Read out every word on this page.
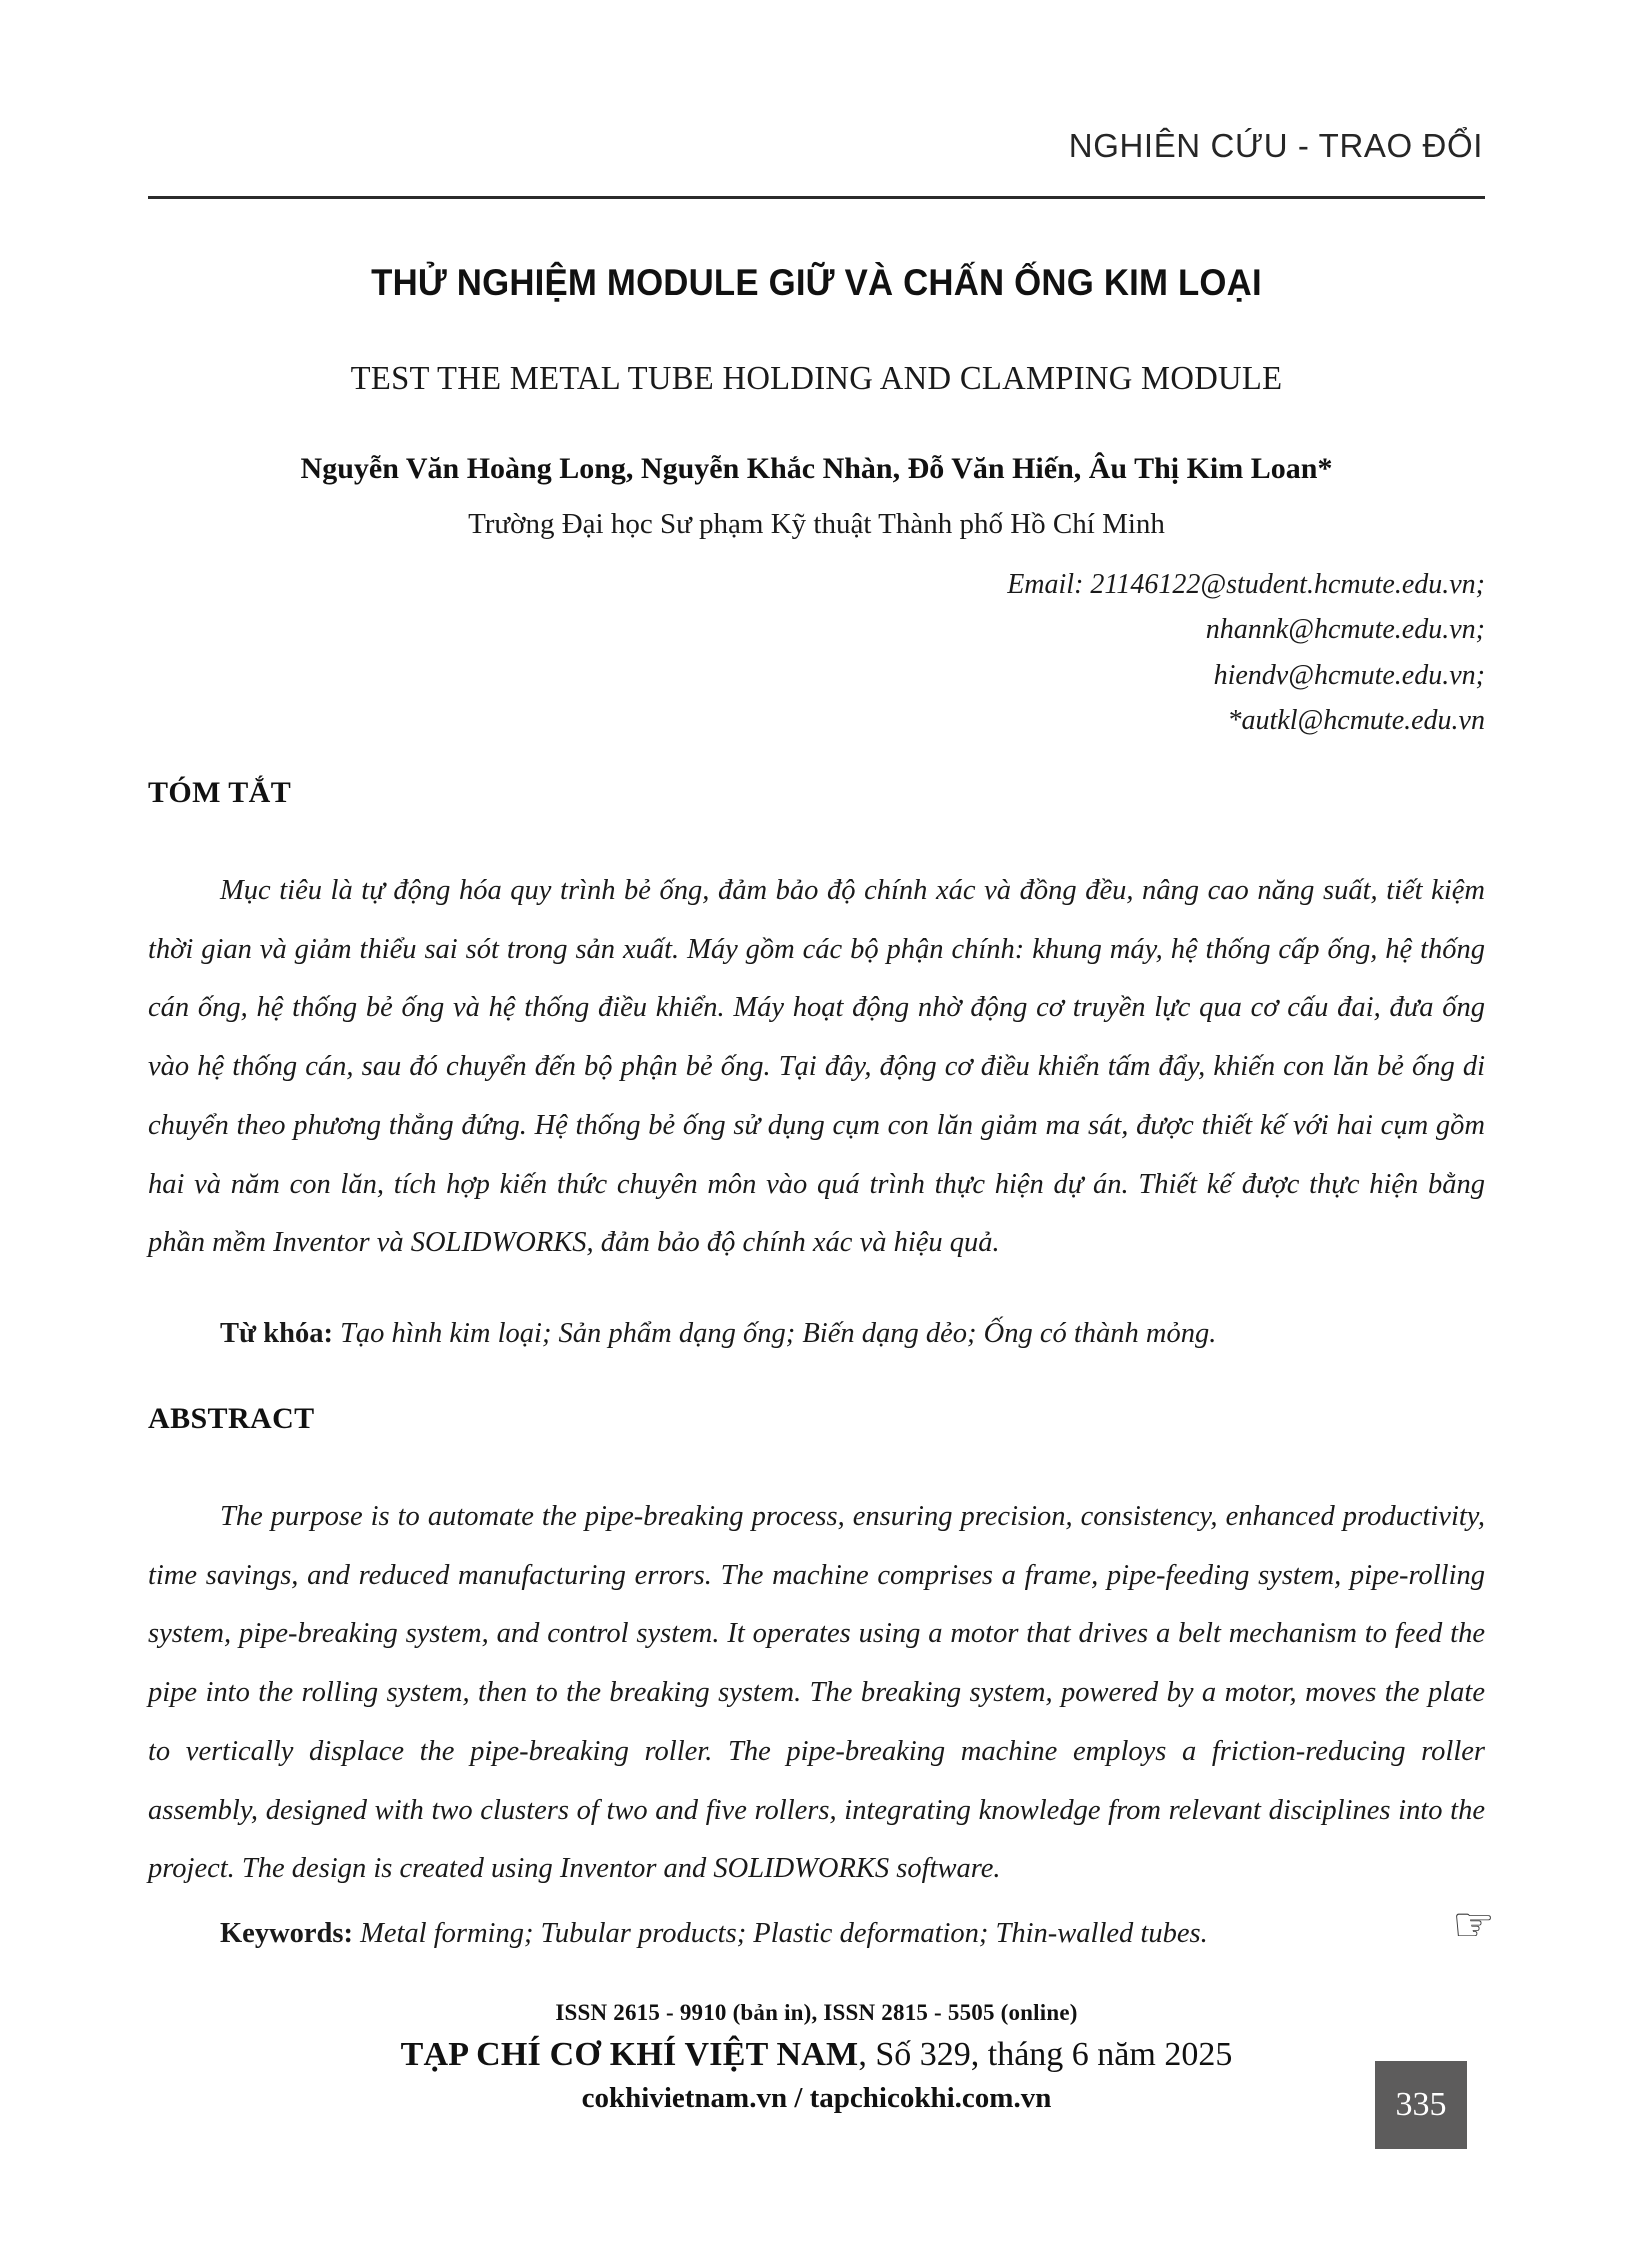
NGHIÊN CỨU - TRAO ĐỔI
THỬ NGHIỆM MODULE GIỮ VÀ CHẤN ỐNG KIM LOẠI
TEST THE METAL TUBE HOLDING AND CLAMPING MODULE
Nguyễn Văn Hoàng Long, Nguyễn Khắc Nhàn, Đỗ Văn Hiến, Âu Thị Kim Loan*
Trường Đại học Sư phạm Kỹ thuật Thành phố Hồ Chí Minh
Email: 21146122@student.hcmute.edu.vn;
nhannk@hcmute.edu.vn;
hiendv@hcmute.edu.vn;
*autkl@hcmute.edu.vn
TÓM TẮT

Mục tiêu là tự động hóa quy trình bẻ ống, đảm bảo độ chính xác và đồng đều, nâng cao năng suất, tiết kiệm thời gian và giảm thiểu sai sót trong sản xuất. Máy gồm các bộ phận chính: khung máy, hệ thống cấp ống, hệ thống cán ống, hệ thống bẻ ống và hệ thống điều khiển. Máy hoạt động nhờ động cơ truyền lực qua cơ cấu đai, đưa ống vào hệ thống cán, sau đó chuyển đến bộ phận bẻ ống. Tại đây, động cơ điều khiển tấm đẩy, khiến con lăn bẻ ống di chuyển theo phương thẳng đứng. Hệ thống bẻ ống sử dụng cụm con lăn giảm ma sát, được thiết kế với hai cụm gồm hai và năm con lăn, tích hợp kiến thức chuyên môn vào quá trình thực hiện dự án. Thiết kế được thực hiện bằng phần mềm Inventor và SOLIDWORKS, đảm bảo độ chính xác và hiệu quả.

Từ khóa: Tạo hình kim loại; Sản phẩm dạng ống; Biến dạng dẻo; Ống có thành mỏng.
ABSTRACT

The purpose is to automate the pipe-breaking process, ensuring precision, consistency, enhanced productivity, time savings, and reduced manufacturing errors. The machine comprises a frame, pipe-feeding system, pipe-rolling system, pipe-breaking system, and control system. It operates using a motor that drives a belt mechanism to feed the pipe into the rolling system, then to the breaking system. The breaking system, powered by a motor, moves the plate to vertically displace the pipe-breaking roller. The pipe-breaking machine employs a friction-reducing roller assembly, designed with two clusters of two and five rollers, integrating knowledge from relevant disciplines into the project. The design is created using Inventor and SOLIDWORKS software.

Keywords: Metal forming; Tubular products; Plastic deformation; Thin-walled tubes.	☞
ISSN 2615 - 9910 (bản in), ISSN 2815 - 5505 (online)
TẠP CHÍ CƠ KHÍ VIỆT NAM, Số 329, tháng 6 năm 2025
cokhivietnam.vn / tapchicokhi.com.vn	335
